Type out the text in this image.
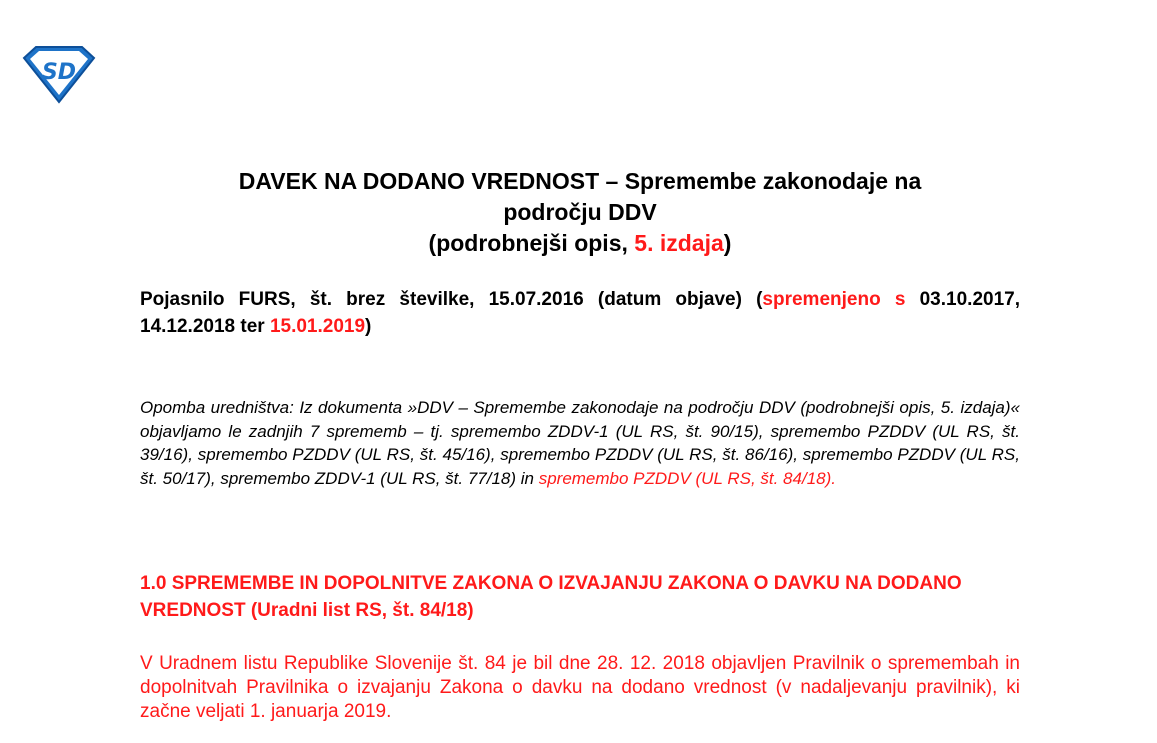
SD
DAVEK NA DODANO VREDNOST – Spremembe zakonodaje na
področju DDV
(podrobnejši opis, 5. izdaja)
Pojasnilo FURS, št. brez številke, 15.07.2016 (datum objave) (spremenjeno s 03.10.2017, 14.12.2018 ter 15.01.2019)
Opomba uredništva: Iz dokumenta »DDV – Spremembe zakonodaje na področju DDV (podrobnejši opis, 5. izdaja)« objavljamo le zadnjih 7 sprememb – tj. spremembo ZDDV-1 (UL RS, št. 90/15), spremembo PZDDV (UL RS, št. 39/16), spremembo PZDDV (UL RS, št. 45/16), spremembo PZDDV (UL RS, št. 86/16), spremembo PZDDV (UL RS, št. 50/17), spremembo ZDDV-1 (UL RS, št. 77/18) in spremembo PZDDV (UL RS, št. 84/18).
1.0 SPREMEMBE IN DOPOLNITVE ZAKONA O IZVAJANJU ZAKONA O DAVKU NA DODANO VREDNOST (Uradni list RS, št. 84/18)
V Uradnem listu Republike Slovenije št. 84 je bil dne 28. 12. 2018 objavljen Pravilnik o spremembah in dopolnitvah Pravilnika o izvajanju Zakona o davku na dodano vrednost (v nadaljevanju pravilnik), ki začne veljati 1. januarja 2019.
